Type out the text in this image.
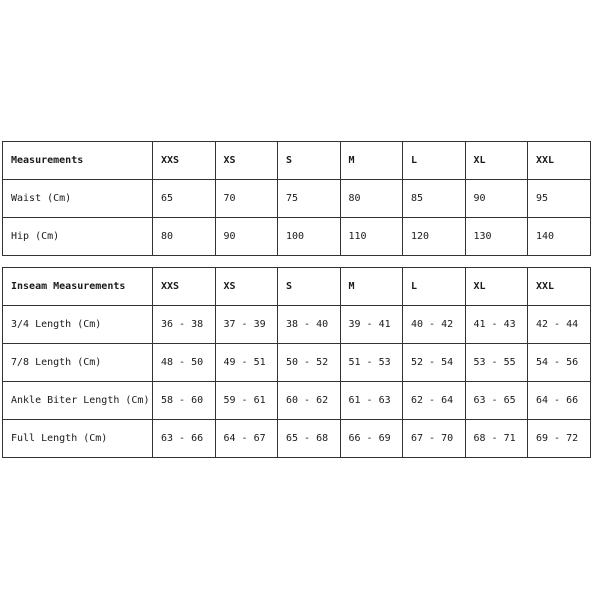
Measurements	XXS	XS	S	M	L	XL	XXL
Waist (Cm)	65	70	75	80	85	90	95
Hip (Cm)	80	90	100	110	120	130	140
Inseam Measurements	XXS	XS	S	M	L	XL	XXL
3/4 Length (Cm)	36 - 38	37 - 39	38 - 40	39 - 41	40 - 42	41 - 43	42 - 44
7/8 Length (Cm)	48 - 50	49 - 51	50 - 52	51 - 53	52 - 54	53 - 55	54 - 56
Ankle Biter Length (Cm)	58 - 60	59 - 61	60 - 62	61 - 63	62 - 64	63 - 65	64 - 66
Full Length (Cm)	63 - 66	64 - 67	65 - 68	66 - 69	67 - 70	68 - 71	69 - 72
